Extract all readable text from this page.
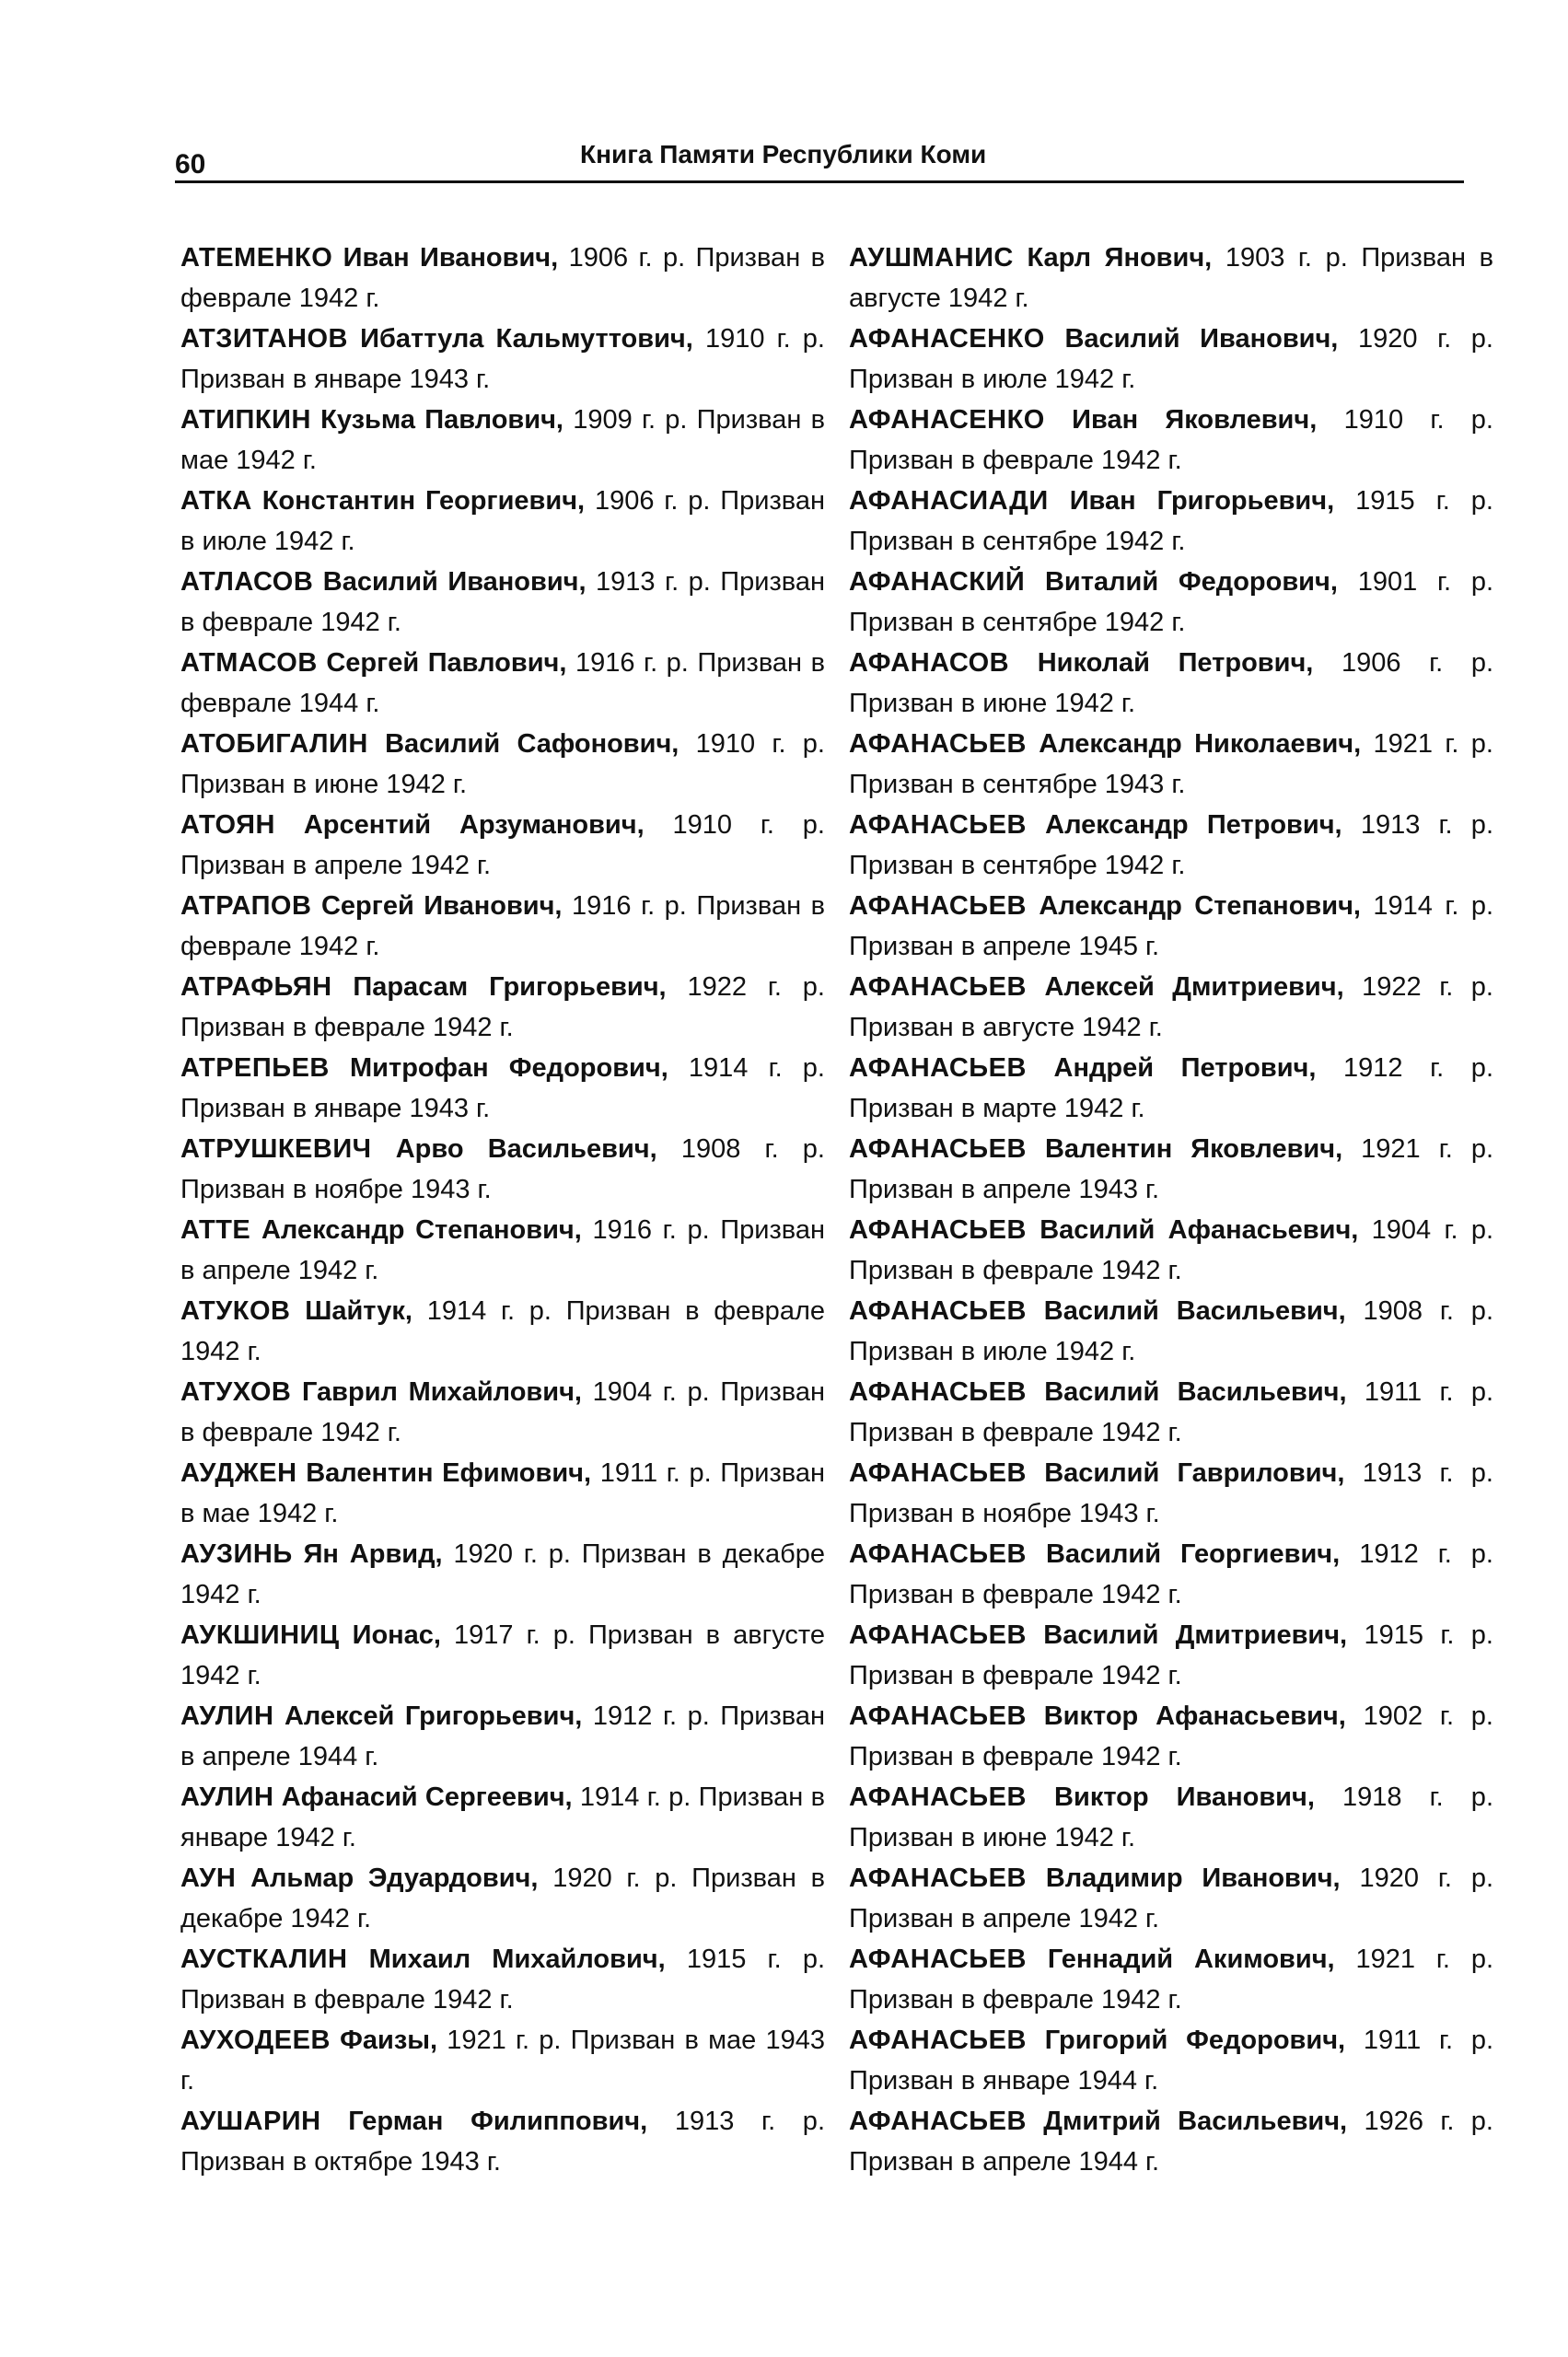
60	Книга Памяти Республики Коми

АТЕМЕНКО Иван Иванович, 1906 г. р. Призван в феврале 1942 г.

АТЗИТАНОВ Ибаттула Кальмуттович, 1910 г. р. Призван в январе 1943 г.

АТИПКИН Кузьма Павлович, 1909 г. р. Призван в мае 1942 г.

АТКА Константин Георгиевич, 1906 г. р. Призван в июле 1942 г.

АТЛАСОВ Василий Иванович, 1913 г. р. Призван в феврале 1942 г.

АТМАСОВ Сергей Павлович, 1916 г. р. Призван в феврале 1944 г.

АТОБИГАЛИН Василий Сафонович, 1910 г. р. Призван в июне 1942 г.

АТОЯН Арсентий Арзуманович, 1910 г. р. Призван в апреле 1942 г.

АТРАПОВ Сергей Иванович, 1916 г. р. Призван в феврале 1942 г.

АТРАФЬЯН Парасам Григорьевич, 1922 г. р. Призван в феврале 1942 г.

АТРЕПЬЕВ Митрофан Федорович, 1914 г. р. Призван в январе 1943 г.

АТРУШКЕВИЧ Арво Васильевич, 1908 г. р. Призван в ноябре 1943 г.

АТТЕ Александр Степанович, 1916 г. р. Призван в апреле 1942 г.

АТУКОВ Шайтук, 1914 г. р. Призван в феврале 1942 г.

АТУХОВ Гаврил Михайлович, 1904 г. р. Призван в феврале 1942 г.

АУДЖЕН Валентин Ефимович, 1911 г. р. Призван в мае 1942 г.

АУЗИНЬ Ян Арвид, 1920 г. р. Призван в декабре 1942 г.

АУКШИНИЦ Ионас, 1917 г. р. Призван в августе 1942 г.

АУЛИН Алексей Григорьевич, 1912 г. р. Призван в апреле 1944 г.

АУЛИН Афанасий Сергеевич, 1914 г. р. Призван в январе 1942 г.

АУН Альмар Эдуардович, 1920 г. р. Призван в декабре 1942 г.

АУСТКАЛИН Михаил Михайлович, 1915 г. р. Призван в феврале 1942 г.

АУХОДЕЕВ Фаизы, 1921 г. р. Призван в мае 1943 г.

АУШАРИН Герман Филиппович, 1913 г. р. Призван в октябре 1943 г.

АУШМАНИС Карл Янович, 1903 г. р. Призван в августе 1942 г.

АФАНАСЕНКО Василий Иванович, 1920 г. р. Призван в июле 1942 г.

АФАНАСЕНКО Иван Яковлевич, 1910 г. р. Призван в феврале 1942 г.

АФАНАСИАДИ Иван Григорьевич, 1915 г. р. Призван в сентябре 1942 г.

АФАНАСКИЙ Виталий Федорович, 1901 г. р. Призван в сентябре 1942 г.

АФАНАСОВ Николай Петрович, 1906 г. р. Призван в июне 1942 г.

АФАНАСЬЕВ Александр Николаевич, 1921 г. р. Призван в сентябре 1943 г.

АФАНАСЬЕВ Александр Петрович, 1913 г. р. Призван в сентябре 1942 г.

АФАНАСЬЕВ Александр Степанович, 1914 г. р. Призван в апреле 1945 г.

АФАНАСЬЕВ Алексей Дмитриевич, 1922 г. р. Призван в августе 1942 г.

АФАНАСЬЕВ Андрей Петрович, 1912 г. р. Призван в марте 1942 г.

АФАНАСЬЕВ Валентин Яковлевич, 1921 г. р. Призван в апреле 1943 г.

АФАНАСЬЕВ Василий Афанасьевич, 1904 г. р. Призван в феврале 1942 г.

АФАНАСЬЕВ Василий Васильевич, 1908 г. р. Призван в июле 1942 г.

АФАНАСЬЕВ Василий Васильевич, 1911 г. р. Призван в феврале 1942 г.

АФАНАСЬЕВ Василий Гаврилович, 1913 г. р. Призван в ноябре 1943 г.

АФАНАСЬЕВ Василий Георгиевич, 1912 г. р. Призван в феврале 1942 г.

АФАНАСЬЕВ Василий Дмитриевич, 1915 г. р. Призван в феврале 1942 г.

АФАНАСЬЕВ Виктор Афанасьевич, 1902 г. р. Призван в феврале 1942 г.

АФАНАСЬЕВ Виктор Иванович, 1918 г. р. Призван в июне 1942 г.

АФАНАСЬЕВ Владимир Иванович, 1920 г. р. Призван в апреле 1942 г.

АФАНАСЬЕВ Геннадий Акимович, 1921 г. р. Призван в феврале 1942 г.

АФАНАСЬЕВ Григорий Федорович, 1911 г. р. Призван в январе 1944 г.

АФАНАСЬЕВ Дмитрий Васильевич, 1926 г. р. Призван в апреле 1944 г.
